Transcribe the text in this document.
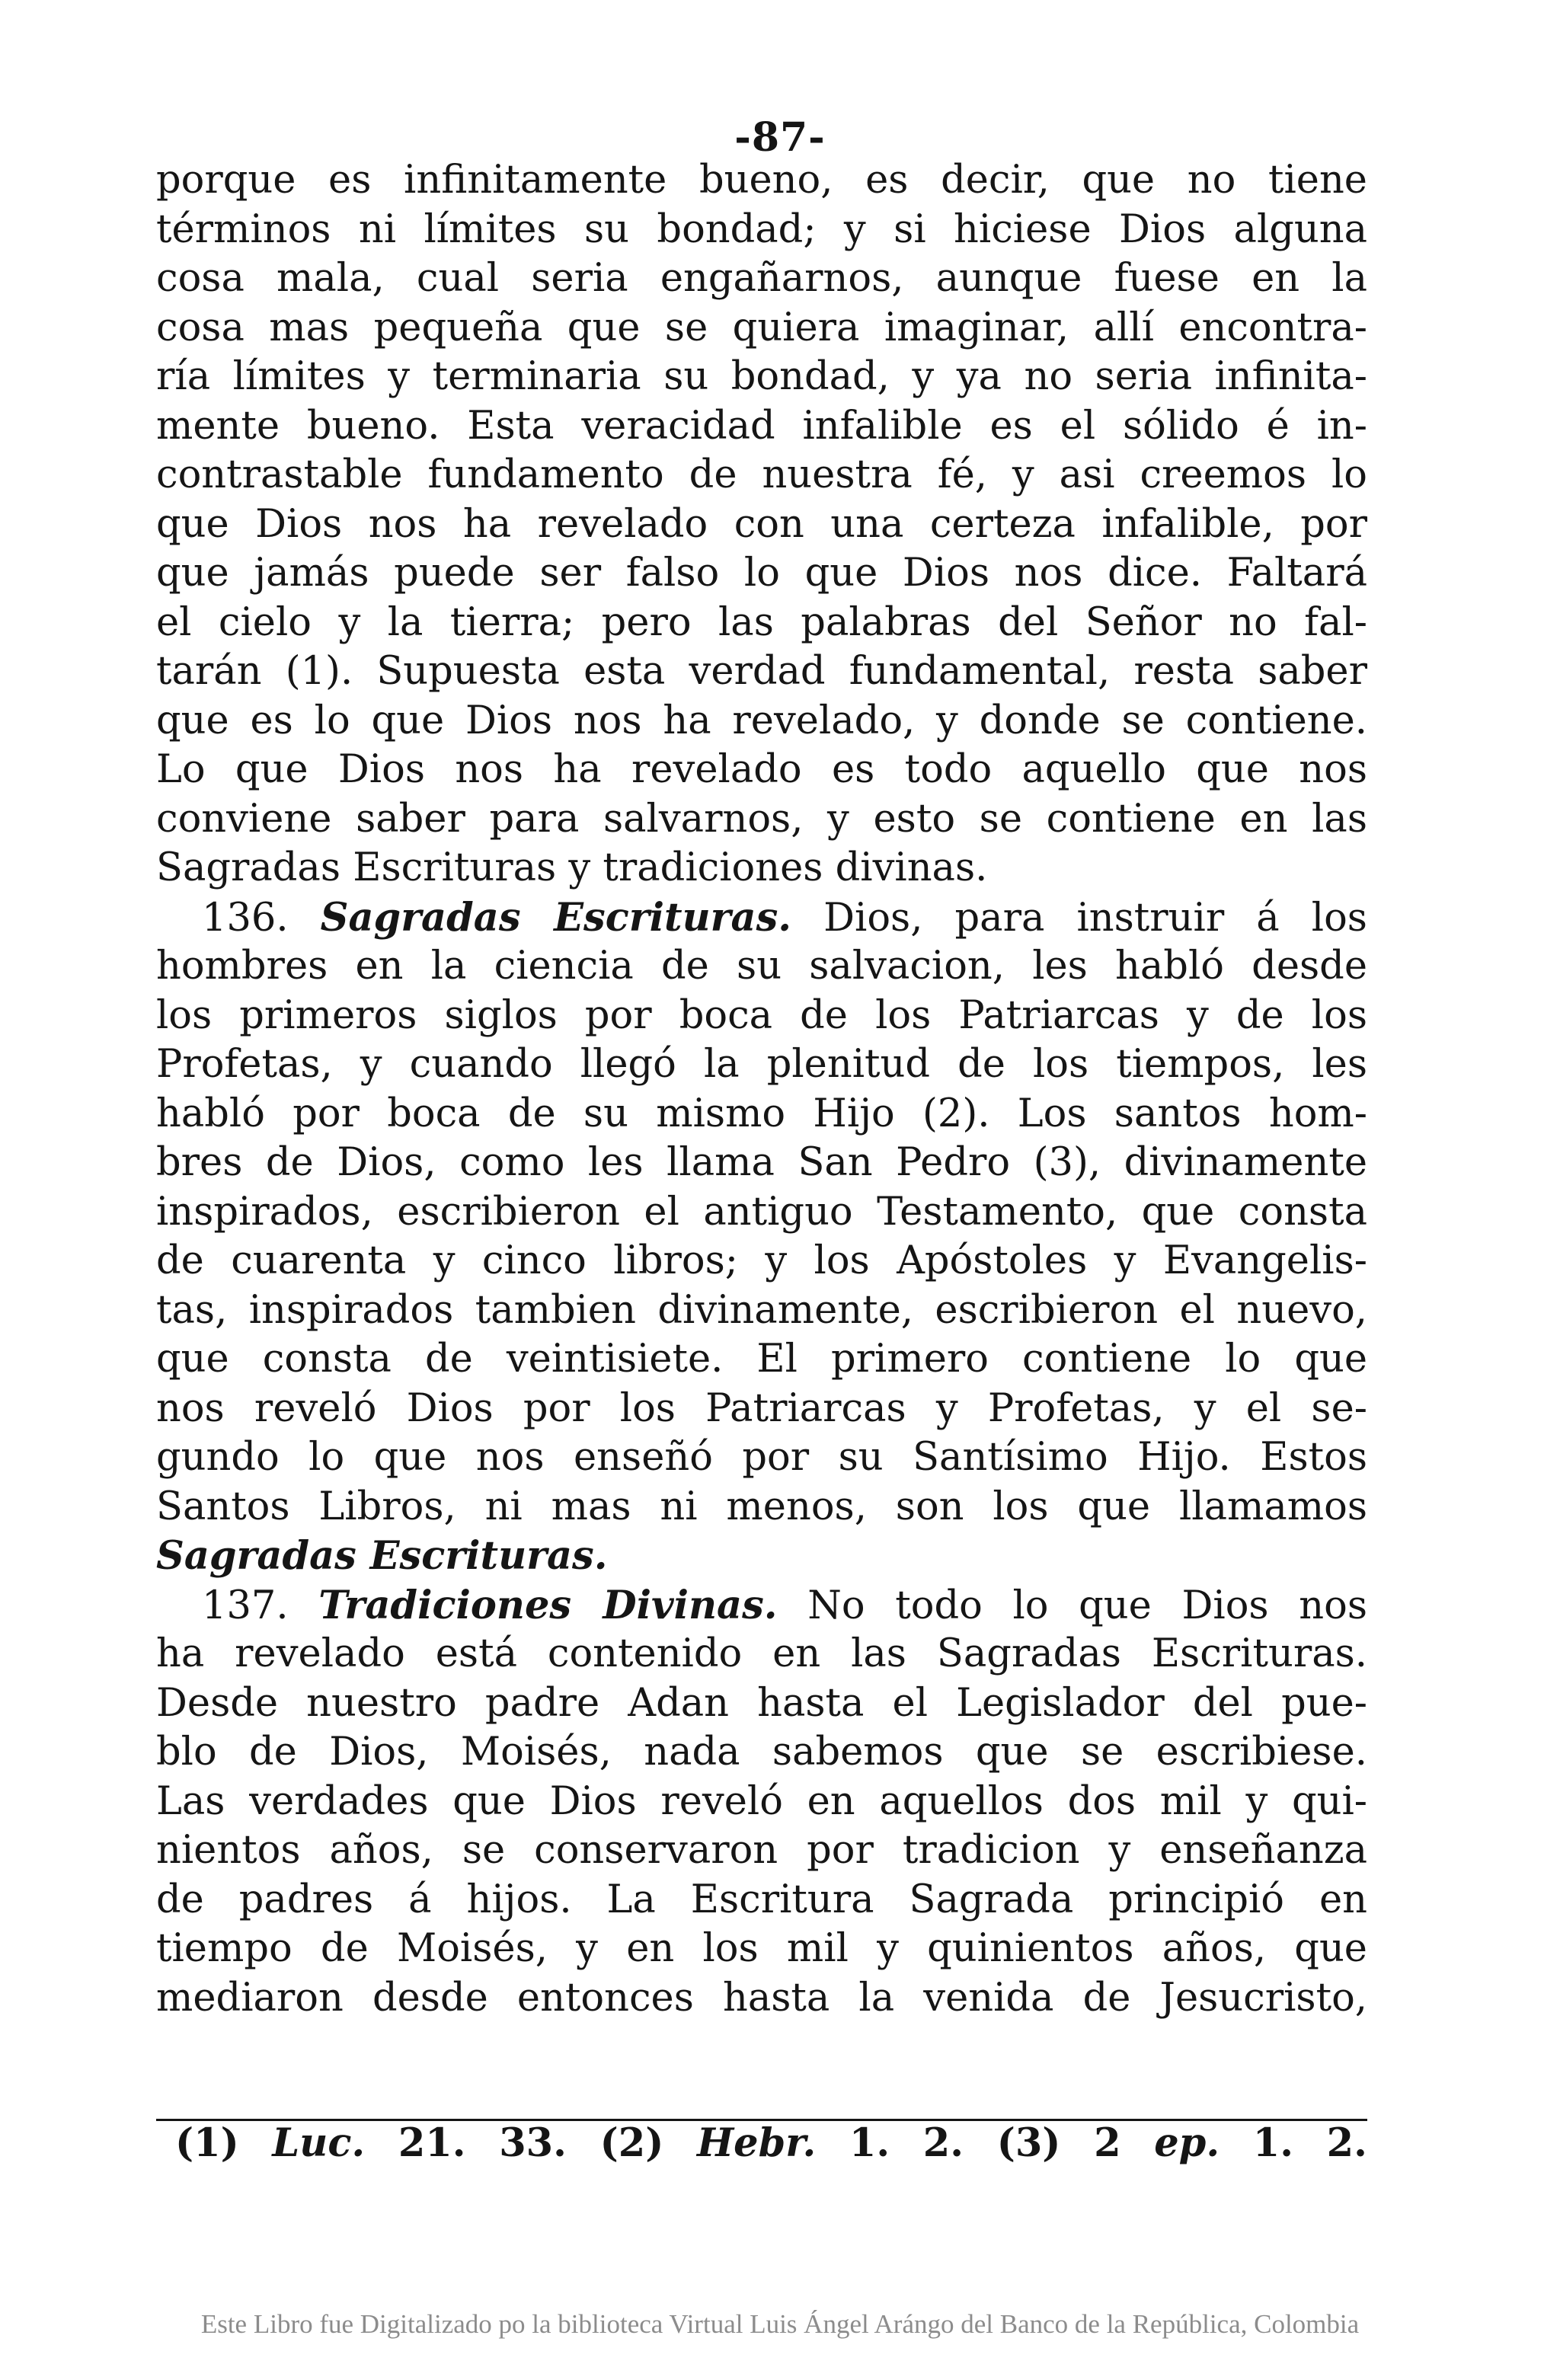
-87-
porque es infinitamente bueno, es decir, que no tiene
términos ni límites su bondad; y si hiciese Dios alguna
cosa mala, cual seria engañarnos, aunque fuese en la
cosa mas pequeña que se quiera imaginar, allí encontra-
ría límites y terminaria su bondad, y ya no seria infinita-
mente bueno. Esta veracidad infalible es el sólido é in-
contrastable fundamento de nuestra fé, y asi creemos lo
que Dios nos ha revelado con una certeza infalible, por
que jamás puede ser falso lo que Dios nos dice. Faltará
el cielo y la tierra; pero las palabras del Señor no fal-
tarán (1). Supuesta esta verdad fundamental, resta saber
que es lo que Dios nos ha revelado, y donde se contiene.
Lo que Dios nos ha revelado es todo aquello que nos
conviene saber para salvarnos, y esto se contiene en las
Sagradas Escrituras y tradiciones divinas.
136. Sagradas Escrituras. Dios, para instruir á los
hombres en la ciencia de su salvacion, les habló desde
los primeros siglos por boca de los Patriarcas y de los
Profetas, y cuando llegó la plenitud de los tiempos, les
habló por boca de su mismo Hijo (2). Los santos hom-
bres de Dios, como les llama San Pedro (3), divinamente
inspirados, escribieron el antiguo Testamento, que consta
de cuarenta y cinco libros; y los Apóstoles y Evangelis-
tas, inspirados tambien divinamente, escribieron el nuevo,
que consta de veintisiete. El primero contiene lo que
nos reveló Dios por los Patriarcas y Profetas, y el se-
gundo lo que nos enseñó por su Santísimo Hijo. Estos
Santos Libros, ni mas ni menos, son los que llamamos
Sagradas Escrituras.
137. Tradiciones Divinas. No todo lo que Dios nos
ha revelado está contenido en las Sagradas Escrituras.
Desde nuestro padre Adan hasta el Legislador del pue-
blo de Dios, Moisés, nada sabemos que se escribiese.
Las verdades que Dios reveló en aquellos dos mil y qui-
nientos años, se conservaron por tradicion y enseñanza
de padres á hijos. La Escritura Sagrada principió en
tiempo de Moisés, y en los mil y quinientos años, que
mediaron desde entonces hasta la venida de Jesucristo,
(1) Luc. 21. 33. (2) Hebr. 1. 2. (3) 2 ep. 1. 2.
Este Libro fue Digitalizado po la biblioteca Virtual Luis Ángel Arángo del Banco de la República, Colombia
